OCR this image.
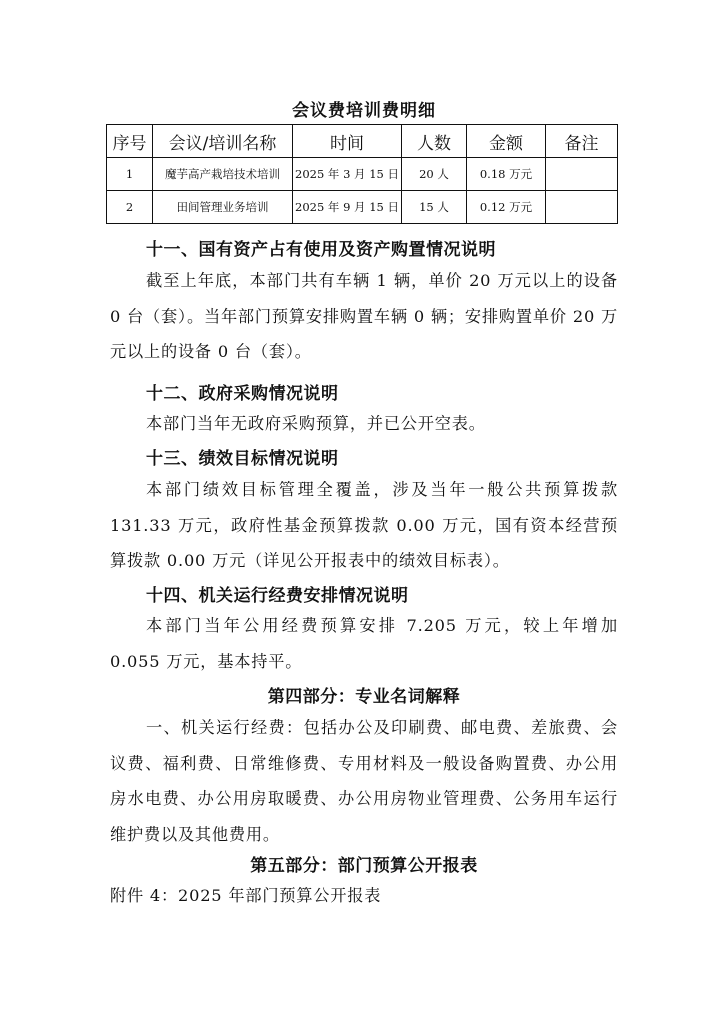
会议费培训费明细
序号	会议/培训名称	时间	人数	金额	备注
1	魔芋高产栽培技术培训	2025 年 3 月 15 日	20 人	0.18 万元	
2	田间管理业务培训	2025 年 9 月 15 日	15 人	0.12 万元	
十一、国有资产占有使用及资产购置情况说明
截至上年底，本部门共有车辆 1 辆，单价 20 万元以上的设备 0 台（套）。当年部门预算安排购置车辆 0 辆；安排购置单价 20 万元以上的设备 0 台（套）。
十二、政府采购情况说明
本部门当年无政府采购预算，并已公开空表。
十三、绩效目标情况说明
本部门绩效目标管理全覆盖，涉及当年一般公共预算拨款 131.33 万元，政府性基金预算拨款 0.00 万元，国有资本经营预算拨款 0.00 万元（详见公开报表中的绩效目标表）。
十四、机关运行经费安排情况说明
本部门当年公用经费预算安排 7.205 万元，较上年增加 0.055 万元，基本持平。
第四部分：专业名词解释
一、机关运行经费：包括办公及印刷费、邮电费、差旅费、会议费、福利费、日常维修费、专用材料及一般设备购置费、办公用房水电费、办公用房取暖费、办公用房物业管理费、公务用车运行维护费以及其他费用。
第五部分：部门预算公开报表
附件 4：2025 年部门预算公开报表
